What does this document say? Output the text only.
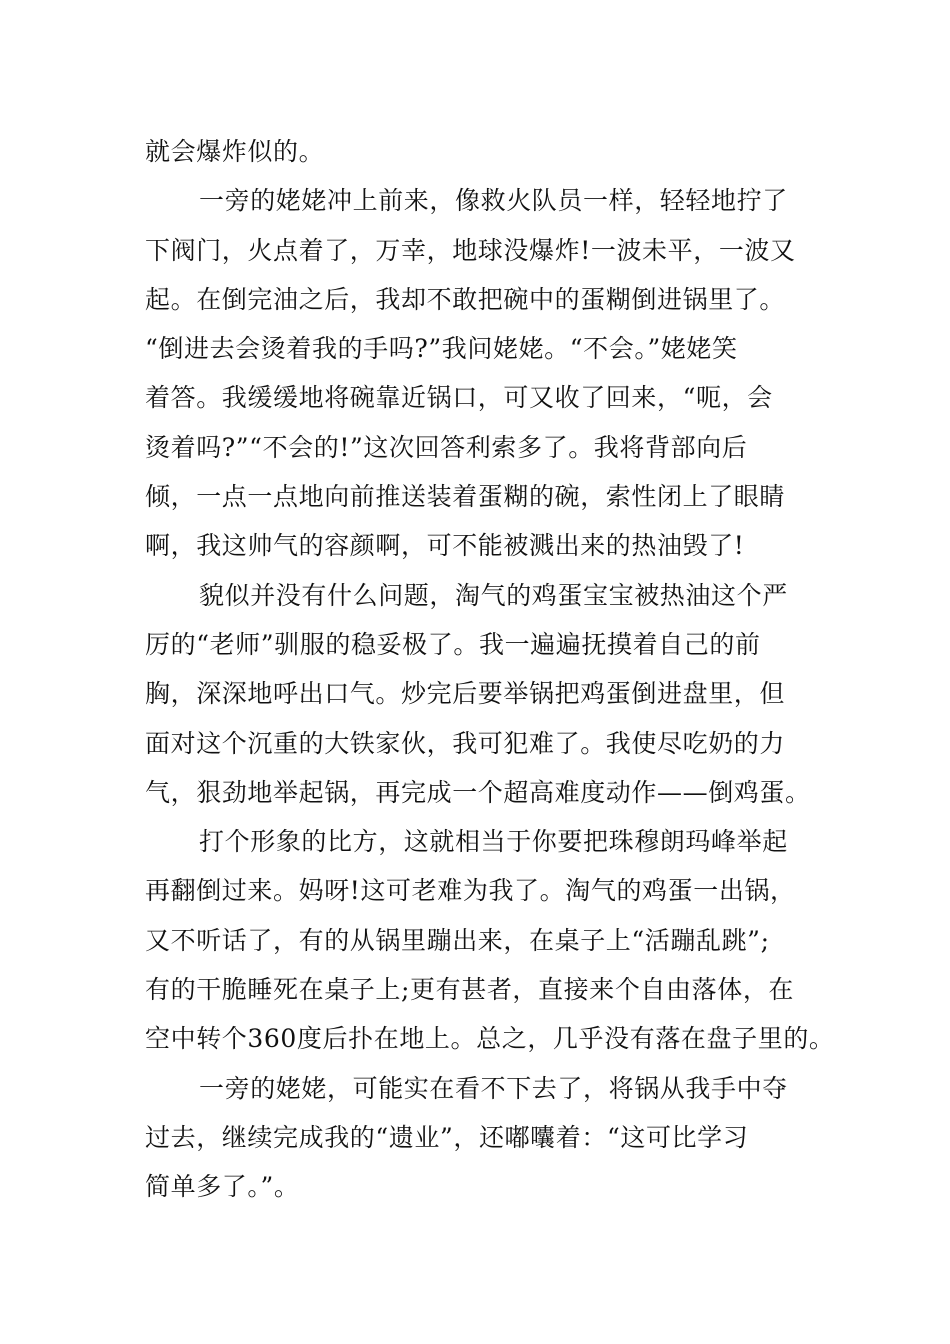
就会爆炸似的。
一旁的姥姥冲上前来，像救火队员一样，轻轻地拧了
下阀门，火点着了，万幸，地球没爆炸!一波未平，一波又
起。在倒完油之后，我却不敢把碗中的蛋糊倒进锅里了。
“倒进去会烫着我的手吗?”我问姥姥。“不会。”姥姥笑
着答。我缓缓地将碗靠近锅口，可又收了回来，“呃，会
烫着吗?”“不会的!”这次回答利索多了。我将背部向后
倾，一点一点地向前推送装着蛋糊的碗，索性闭上了眼睛
啊，我这帅气的容颜啊，可不能被溅出来的热油毁了!
貌似并没有什么问题，淘气的鸡蛋宝宝被热油这个严
厉的“老师”驯服的稳妥极了。我一遍遍抚摸着自己的前
胸，深深地呼出口气。炒完后要举锅把鸡蛋倒进盘里，但
面对这个沉重的大铁家伙，我可犯难了。我使尽吃奶的力
气，狠劲地举起锅，再完成一个超高难度动作——倒鸡蛋。
打个形象的比方，这就相当于你要把珠穆朗玛峰举起
再翻倒过来。妈呀!这可老难为我了。淘气的鸡蛋一出锅，
又不听话了，有的从锅里蹦出来，在桌子上“活蹦乱跳”;
有的干脆睡死在桌子上;更有甚者，直接来个自由落体，在
空中转个360度后扑在地上。总之，几乎没有落在盘子里的。
一旁的姥姥，可能实在看不下去了，将锅从我手中夺
过去，继续完成我的“遗业”，还嘟囔着：“这可比学习
简单多了。”。
